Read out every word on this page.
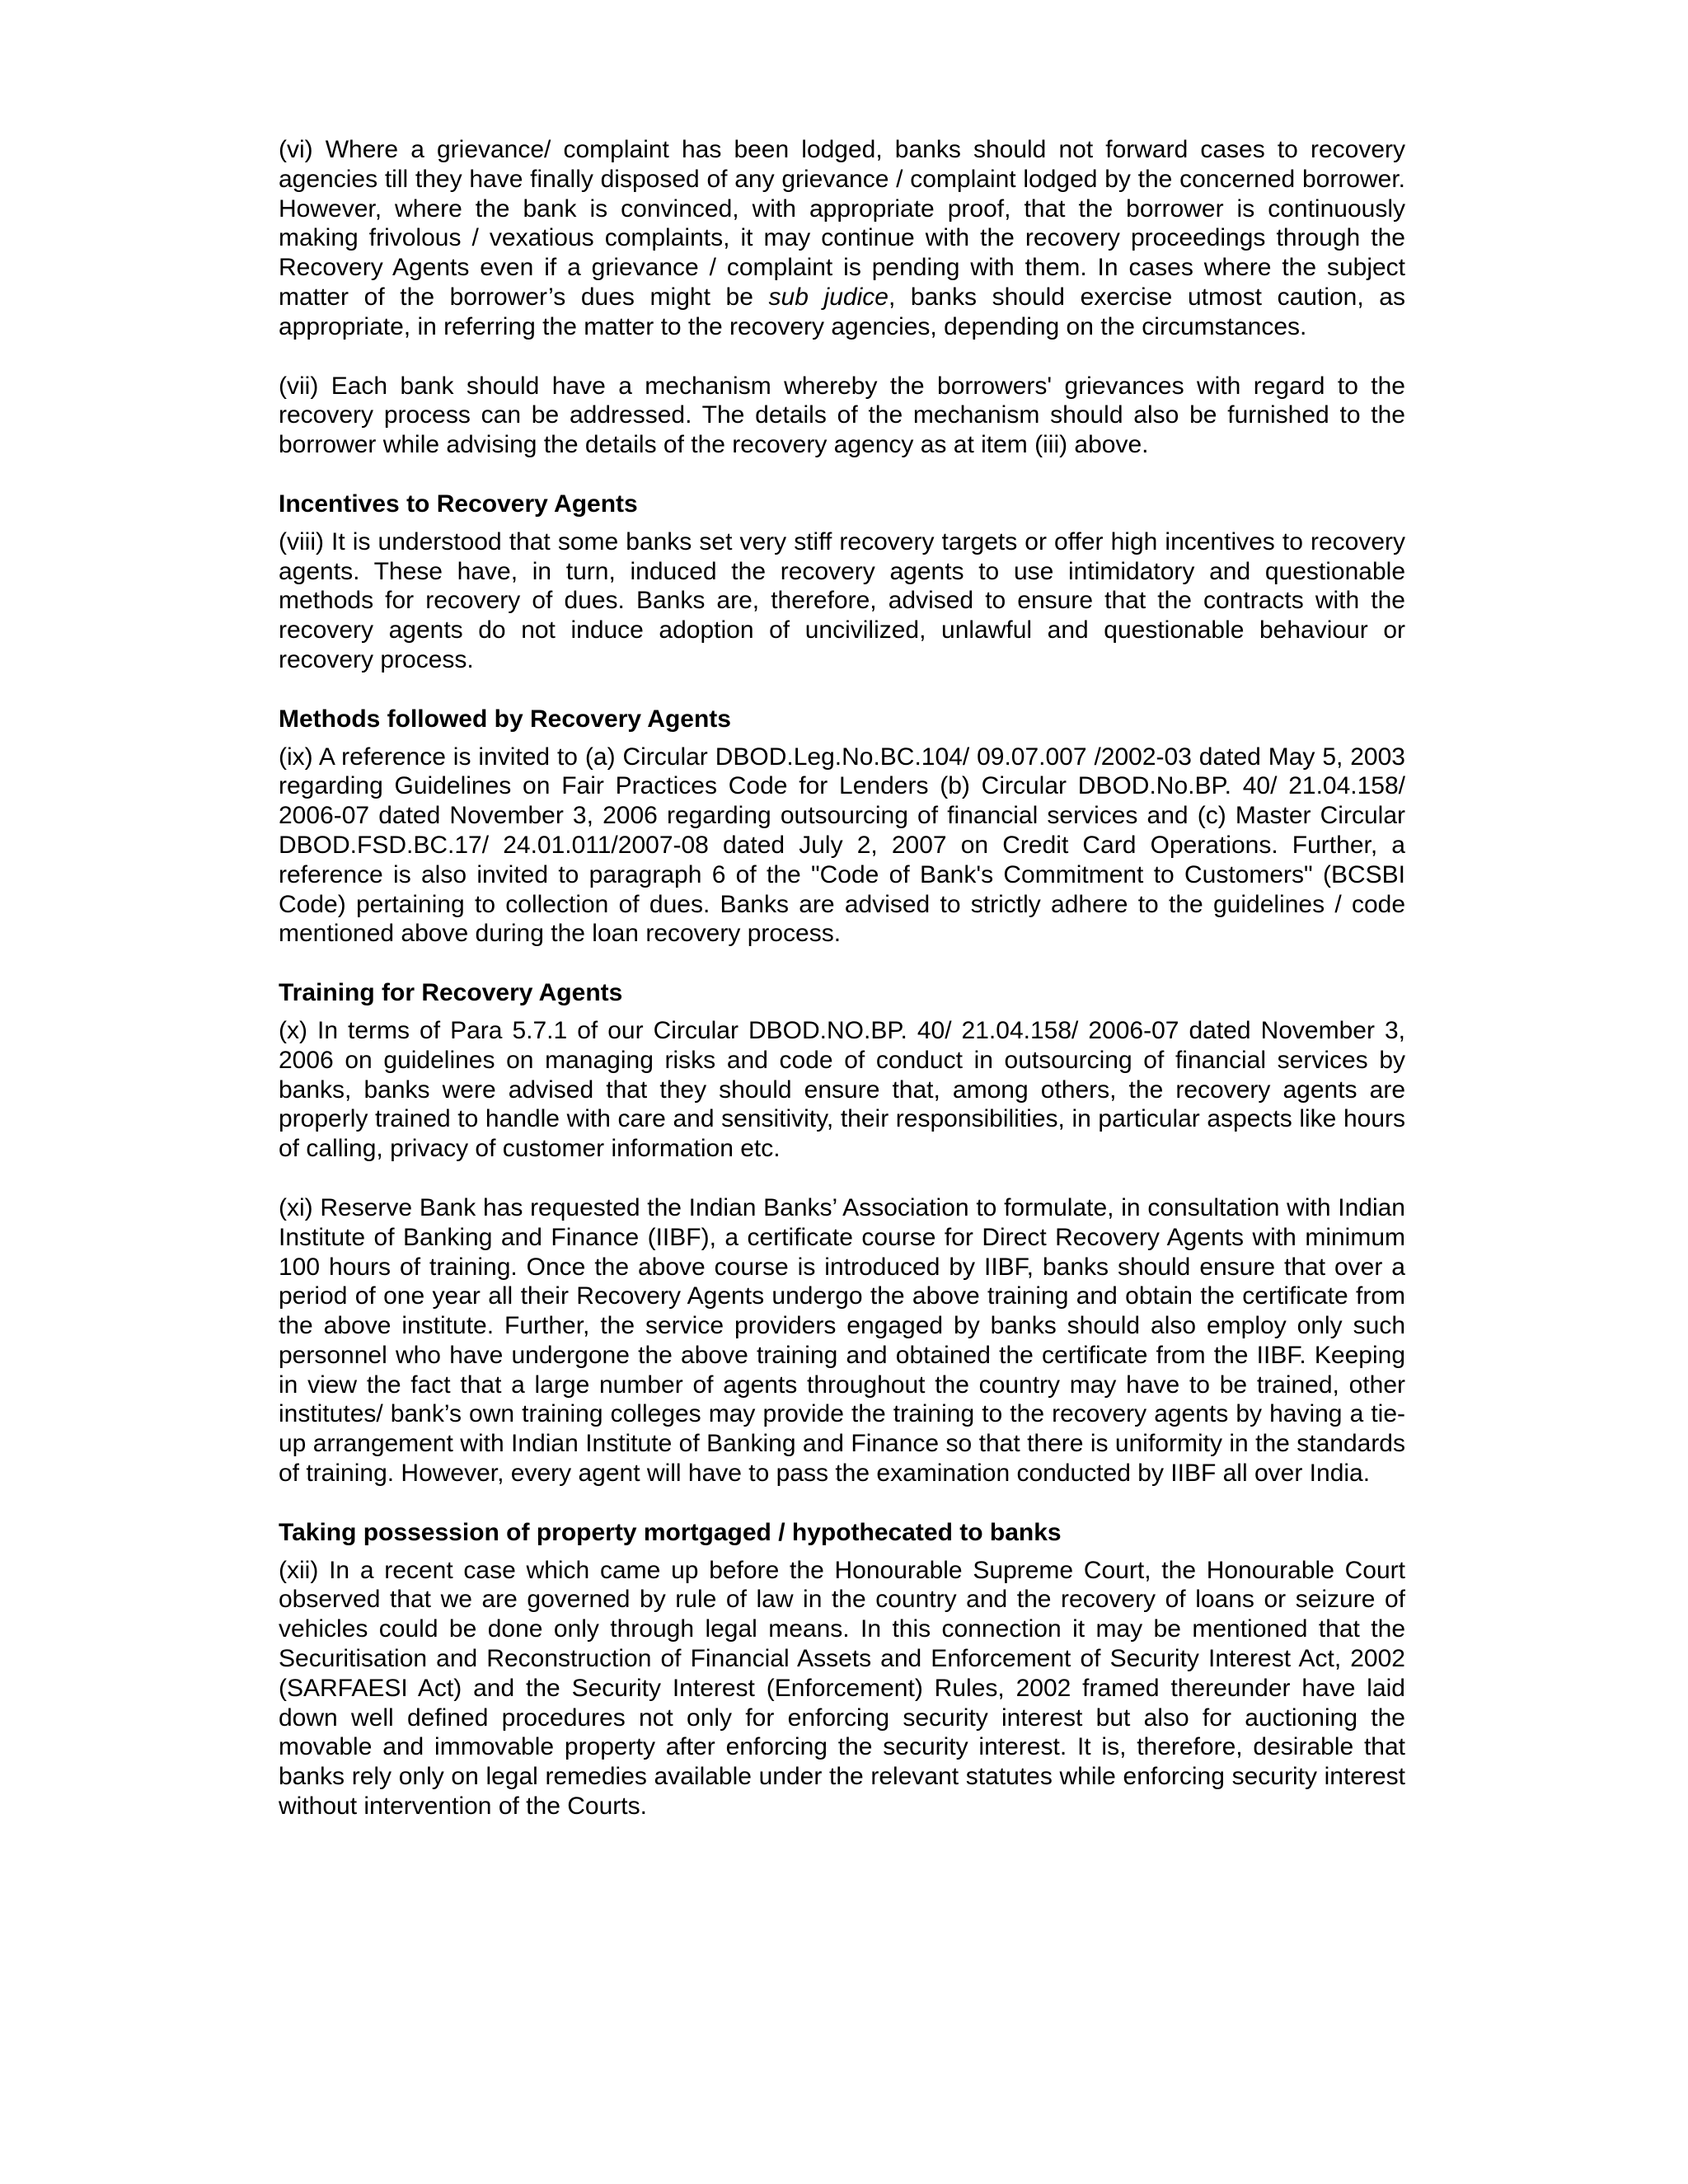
(vi) Where a grievance/ complaint has been lodged, banks should not forward cases to recovery agencies till they have finally disposed of any grievance / complaint lodged by the concerned borrower. However, where the bank is convinced, with appropriate proof, that the borrower is continuously making frivolous / vexatious complaints, it may continue with the recovery proceedings through the Recovery Agents even if a grievance / complaint is pending with them. In cases where the subject matter of the borrower’s dues might be sub judice, banks should exercise utmost caution, as appropriate, in referring the matter to the recovery agencies, depending on the circumstances.

(vii) Each bank should have a mechanism whereby the borrowers' grievances with regard to the recovery process can be addressed. The details of the mechanism should also be furnished to the borrower while advising the details of the recovery agency as at item (iii) above.

Incentives to Recovery Agents

(viii) It is understood that some banks set very stiff recovery targets or offer high incentives to recovery agents. These have, in turn, induced the recovery agents to use intimidatory and questionable methods for recovery of dues. Banks are, therefore, advised to ensure that the contracts with the recovery agents do not induce adoption of uncivilized, unlawful and questionable behaviour or recovery process.

Methods followed by Recovery Agents

(ix) A reference is invited to (a) Circular DBOD.Leg.No.BC.104/ 09.07.007 /2002-03 dated May 5, 2003 regarding Guidelines on Fair Practices Code for Lenders (b) Circular DBOD.No.BP. 40/ 21.04.158/ 2006-07 dated November 3, 2006 regarding outsourcing of financial services and (c) Master Circular DBOD.FSD.BC.17/ 24.01.011/2007-08 dated July 2, 2007 on Credit Card Operations. Further, a reference is also invited to paragraph 6 of the "Code of Bank's Commitment to Customers" (BCSBI Code) pertaining to collection of dues. Banks are advised to strictly adhere to the guidelines / code mentioned above during the loan recovery process.

Training for Recovery Agents

(x) In terms of Para 5.7.1 of our Circular DBOD.NO.BP. 40/ 21.04.158/ 2006-07 dated November 3, 2006 on guidelines on managing risks and code of conduct in outsourcing of financial services by banks, banks were advised that they should ensure that, among others, the recovery agents are properly trained to handle with care and sensitivity, their responsibilities, in particular aspects like hours of calling, privacy of customer information etc.

(xi) Reserve Bank has requested the Indian Banks’ Association to formulate, in consultation with Indian Institute of Banking and Finance (IIBF), a certificate course for Direct Recovery Agents with minimum 100 hours of training. Once the above course is introduced by IIBF, banks should ensure that over a period of one year all their Recovery Agents undergo the above training and obtain the certificate from the above institute. Further, the service providers engaged by banks should also employ only such personnel who have undergone the above training and obtained the certificate from the IIBF. Keeping in view the fact that a large number of agents throughout the country may have to be trained, other institutes/ bank’s own training colleges may provide the training to the recovery agents by having a tie-up arrangement with Indian Institute of Banking and Finance so that there is uniformity in the standards of training. However, every agent will have to pass the examination conducted by IIBF all over India.

Taking possession of property mortgaged / hypothecated to banks

(xii) In a recent case which came up before the Honourable Supreme Court, the Honourable Court observed that we are governed by rule of law in the country and the recovery of loans or seizure of vehicles could be done only through legal means. In this connection it may be mentioned that the Securitisation and Reconstruction of Financial Assets and Enforcement of Security Interest Act, 2002 (SARFAESI Act) and the Security Interest (Enforcement) Rules, 2002 framed thereunder have laid down well defined procedures not only for enforcing security interest but also for auctioning the movable and immovable property after enforcing the security interest. It is, therefore, desirable that banks rely only on legal remedies available under the relevant statutes while enforcing security interest without intervention of the Courts.
